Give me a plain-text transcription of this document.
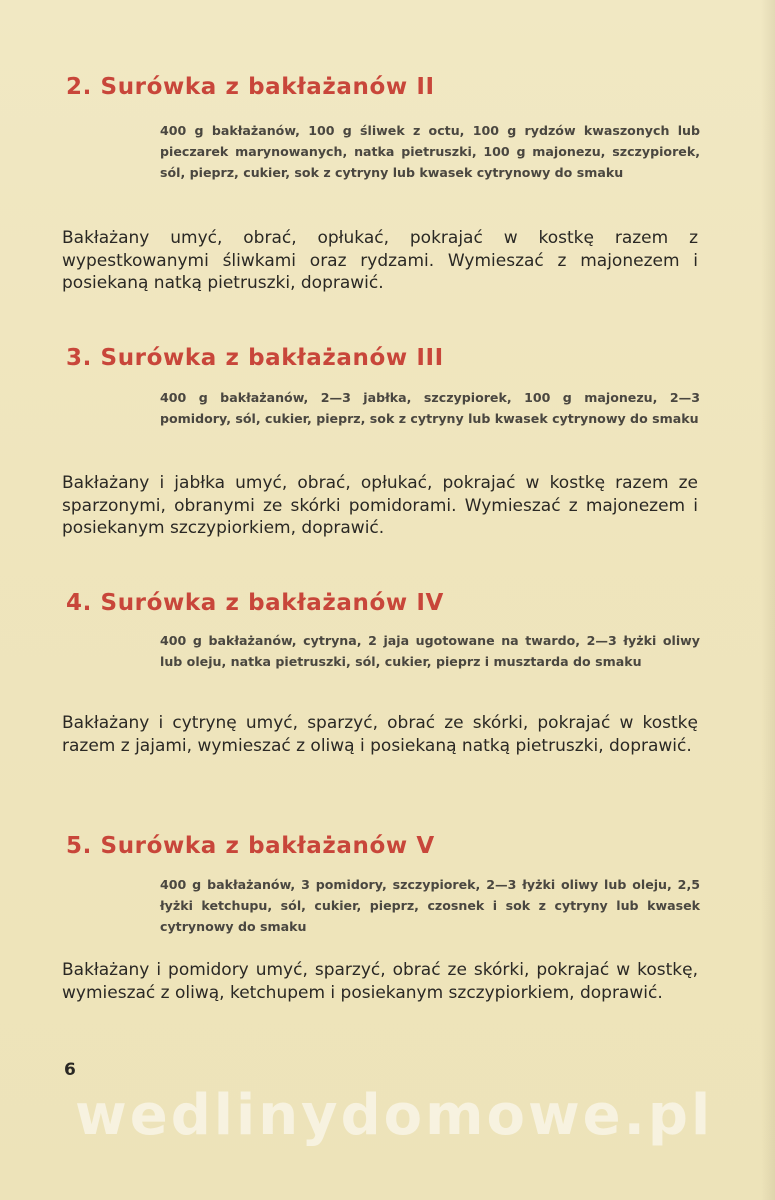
2. Surówka z bakłażanów II
400 g bakłażanów, 100 g śliwek z octu, 100 g rydzów kwaszonych lub pieczarek marynowanych, natka pietruszki, 100 g majonezu, szczypiorek, sól, pieprz, cukier, sok z cytryny lub kwasek cytrynowy do smaku
Bakłażany umyć, obrać, opłukać, pokrajać w kostkę razem z wypestkowanymi śliwkami oraz rydzami. Wymieszać z majonezem i posiekaną natką pietruszki, doprawić.
3. Surówka z bakłażanów III
400 g bakłażanów, 2—3 jabłka, szczypiorek, 100 g majonezu, 2—3 pomidory, sól, cukier, pieprz, sok z cytryny lub kwasek cytrynowy do smaku
Bakłażany i jabłka umyć, obrać, opłukać, pokrajać w kostkę razem ze sparzonymi, obranymi ze skórki pomidorami. Wymieszać z majonezem i posiekanym szczypiorkiem, doprawić.
4. Surówka z bakłażanów IV
400 g bakłażanów, cytryna, 2 jaja ugotowane na twardo, 2—3 łyżki oliwy lub oleju, natka pietruszki, sól, cukier, pieprz i musztarda do smaku
Bakłażany i cytrynę umyć, sparzyć, obrać ze skórki, pokrajać w kostkę razem z jajami, wymieszać z oliwą i posiekaną natką pietruszki, doprawić.
5. Surówka z bakłażanów V
400 g bakłażanów, 3 pomidory, szczypiorek, 2—3 łyżki oliwy lub oleju, 2,5 łyżki ketchupu, sól, cukier, pieprz, czosnek i sok z cytryny lub kwasek cytrynowy do smaku
Bakłażany i pomidory umyć, sparzyć, obrać ze skórki, pokrajać w kostkę, wymieszać z oliwą, ketchupem i posiekanym szczypiorkiem, doprawić.
6
wedlinydomowe.pl
